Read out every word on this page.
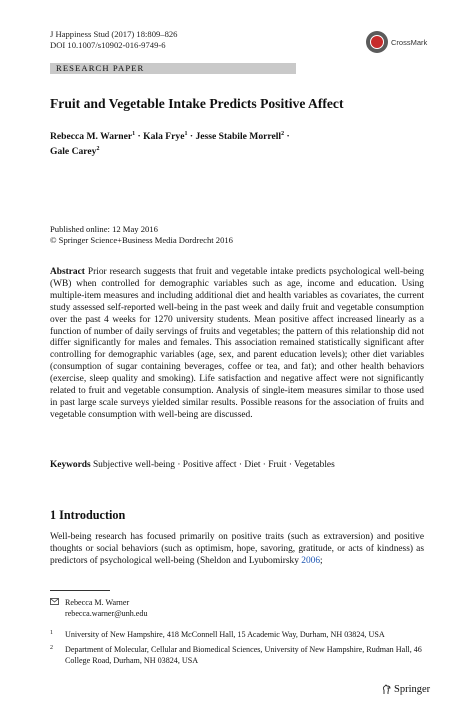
J Happiness Stud (2017) 18:809–826
DOI 10.1007/s10902-016-9749-6	CrossMark
RESEARCH PAPER
Fruit and Vegetable Intake Predicts Positive Affect
Rebecca M. Warner$^1$ · Kala Frye$^1$ · Jesse Stabile Morrell$^2$ ·
Gale Carey$^2$
Published online: 12 May 2016
© Springer Science+Business Media Dordrecht 2016
Abstract Prior research suggests that fruit and vegetable intake predicts psychological well-being (WB) when controlled for demographic variables such as age, income and education. Using multiple-item measures and including additional diet and health variables as covariates, the current study assessed self-reported well-being in the past week and daily fruit and vegetable consumption over the past 4 weeks for 1270 university students. Mean positive affect increased linearly as a function of number of daily servings of fruits and vegetables; the pattern of this relationship did not differ significantly for males and females. This association remained statistically significant after controlling for demographic variables (age, sex, and parent education levels); other diet variables (consumption of sugar containing beverages, coffee or tea, and fat); and other health behaviors (exercise, sleep quality and smoking). Life satisfaction and negative affect were not significantly related to fruit and vegetable consumption. Analysis of single-item measures similar to those used in past large scale surveys yielded similar results. Possible reasons for the association of fruits and vegetable consumption with well-being are discussed.
Keywords Subjective well-being · Positive affect · Diet · Fruit · Vegetables
1 Introduction
Well-being research has focused primarily on positive traits (such as extraversion) and positive thoughts or social behaviors (such as optimism, hope, savoring, gratitude, or acts of kindness) as predictors of psychological well-being (Sheldon and Lyubomirsky 2006;
Rebecca M. Warner
rebecca.warner@unh.edu
1 University of New Hampshire, 418 McConnell Hall, 15 Academic Way, Durham, NH 03824, USA
2 Department of Molecular, Cellular and Biomedical Sciences, University of New Hampshire, Rudman Hall, 46 College Road, Durham, NH 03824, USA
Springer
